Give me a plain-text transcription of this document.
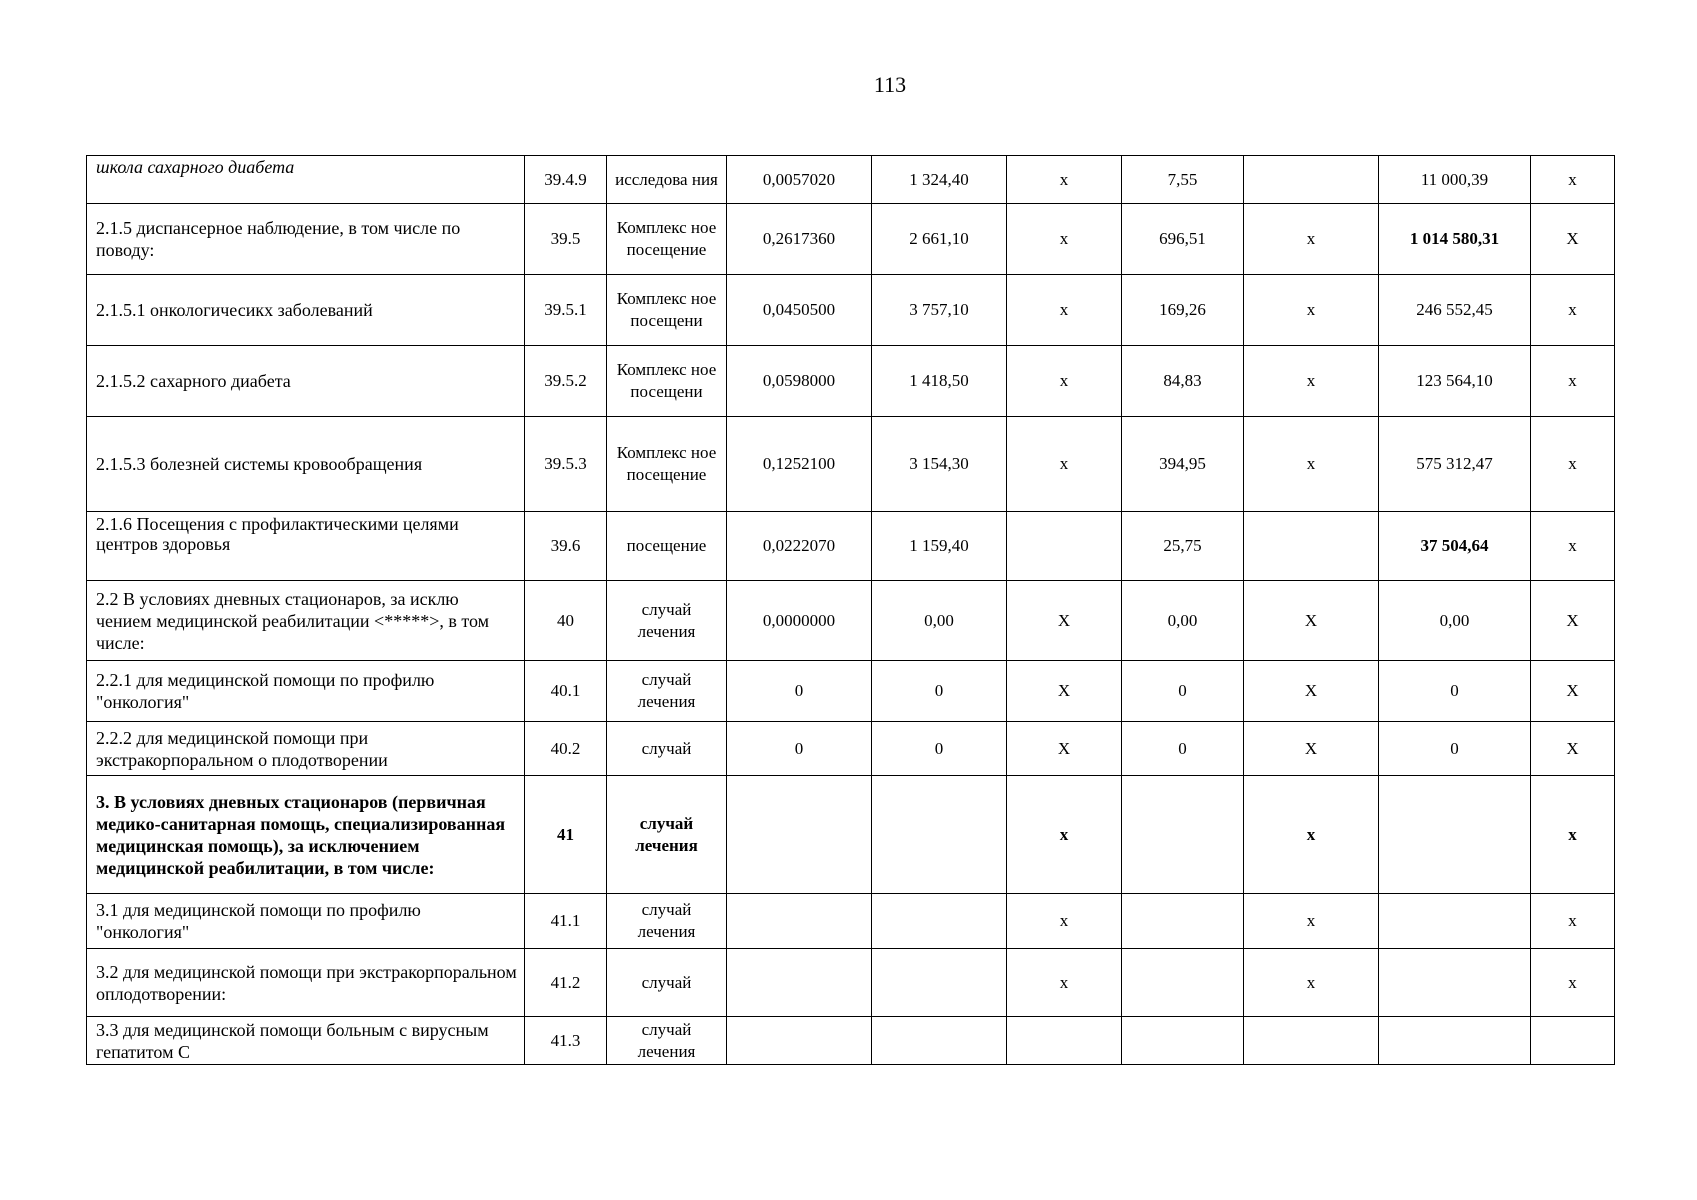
113
школа сахарного диабета	39.4.9	исследова ния	0,0057020	1 324,40	х	7,55		11 000,39	х
2.1.5 диспансерное наблюдение, в том числе по поводу:	39.5	Комплекс ное посещение	0,2617360	2 661,10	х	696,51	х	1 014 580,31	Х
2.1.5.1 онкологичесикх заболеваний	39.5.1	Комплекс ное посещени	0,0450500	3 757,10	х	169,26	х	246 552,45	х
2.1.5.2 сахарного диабета	39.5.2	Комплекс ное посещени	0,0598000	1 418,50	х	84,83	х	123 564,10	х
2.1.5.3 болезней системы кровообращения	39.5.3	Комплекс ное посещение	0,1252100	3 154,30	х	394,95	х	575 312,47	х
2.1.6 Посещения с профилактическими целями центров здоровья	39.6	посещение	0,0222070	1 159,40		25,75		37 504,64	х
2.2 В условиях дневных стационаров, за исклю чением медицинской реабилитации <*****>, в том числе:	40	случай лечения	0,0000000	0,00	Х	0,00	Х	0,00	Х
2.2.1 для медицинской помощи по профилю "онкология"	40.1	случай лечения	0	0	Х	0	Х	0	Х
2.2.2 для медицинской помощи при экстракорпоральном о плодотворении	40.2	случай	0	0	Х	0	Х	0	Х
3. В условиях дневных стационаров (первичная медико-санитарная помощь, специализированная медицинская помощь), за исключением медицинской реабилитации, в том числе:	41	случай лечения			х		х		х
3.1 для медицинской помощи по профилю "онкология"	41.1	случай лечения			х		х		х
3.2 для медицинской помощи при экстракорпоральном оплодотворении:	41.2	случай			х		х		х
3.3 для медицинской помощи больным с вирусным гепатитом С	41.3	случай лечения							
